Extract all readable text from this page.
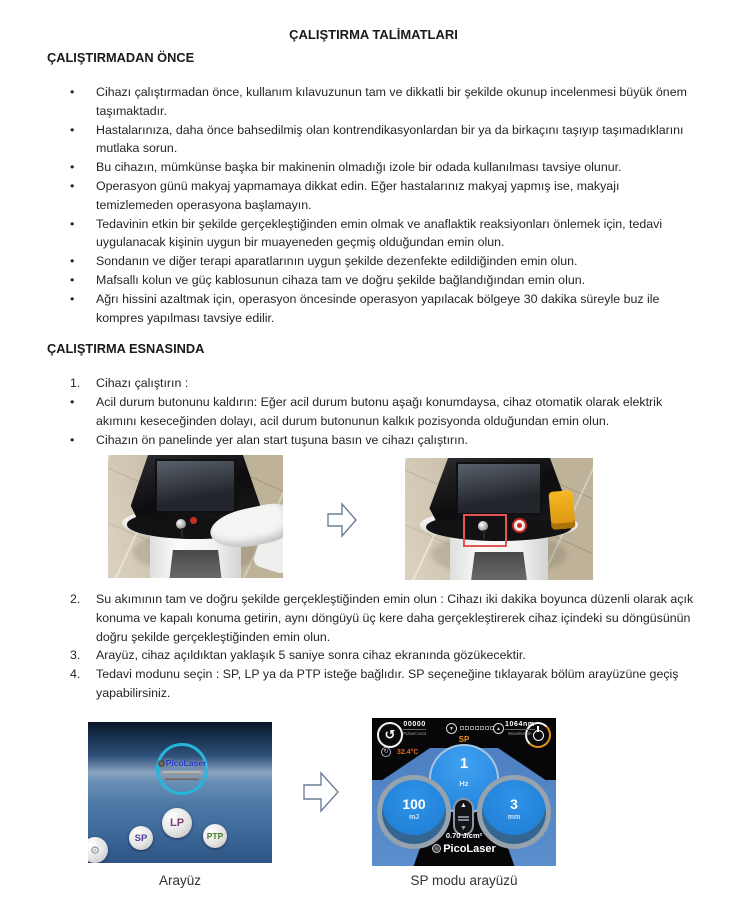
ÇALIŞTIRMA TALİMATLARI
ÇALIŞTIRMADAN ÖNCE
•	Cihazı çalıştırmadan önce, kullanım kılavuzunun tam ve dikkatli bir şekilde okunup incelenmesi büyük önem taşımaktadır.
•	Hastalarınıza, daha önce bahsedilmiş olan kontrendikasyonlardan bir ya da birkaçını taşıyıp taşımadıklarını mutlaka sorun.
•	Bu cihazın, mümkünse başka bir makinenin olmadığı izole bir odada kullanılması tavsiye olunur.
•	Operasyon günü makyaj yapmamaya dikkat edin. Eğer hastalarınız makyaj yapmış ise, makyajı temizlemeden operasyona başlamayın.
•	Tedavinin etkin bir şekilde gerçekleştiğinden emin olmak ve anaflaktik reaksiyonları önlemek için, tedavi uygulanacak kişinin uygun bir muayeneden geçmiş olduğundan emin olun.
•	Sondanın ve diğer terapi aparatlarının uygun şekilde dezenfekte edildiğinden emin olun.
•	Mafsallı kolun ve güç kablosunun cihaza tam ve doğru şekilde bağlandığından emin olun.
•	Ağrı hissini azaltmak için, operasyon öncesinde operasyon yapılacak bölgeye 30 dakika süreyle buz ile kompres yapılması tavsiye edilir.
ÇALIŞTIRMA ESNASINDA
1.	Cihazı çalıştırın :
•	Acil durum butonunu kaldırın: Eğer acil durum butonu aşağı konumdaysa, cihaz otomatik olarak elektrik akımını keseceğinden dolayı, acil durum butonunun kalkık pozisyonda olduğundan emin olun.
•	Cihazın ön panelinde yer alan start tuşuna basın ve cihazı çalıştırın.
2.	Su akımının tam ve doğru şekilde gerçekleştiğinden emin olun : Cihazı iki dakika boyunca düzenli olarak açık konuma ve kapalı konuma getirin, aynı döngüyü üç kere daha gerçekleştirerek cihaz içindeki su döngüsünün doğru şekilde gerçekleştiğinden emin olun.
3.	Arayüz, cihaz açıldıktan yaklaşık 5 saniye sonra cihaz ekranında gözükecektir.
4.	Tedavi modunu seçin : SP, LP ya da PTP isteğe bağlıdır. SP seçeneğine tıklayarak bölüm arayüzüne geçiş yapabilirsiniz.
PicoLaser
LP
SP	PTP
⚙
1
Hz
▲
▼
100
mJ
3
mm
↺
00000
PulseCount
▼	▲
1064nm
Wavelength
SP
32.4°C
↻
0.70 J/cm²
PicoLaser
Arayüz	SP modu arayüzü
